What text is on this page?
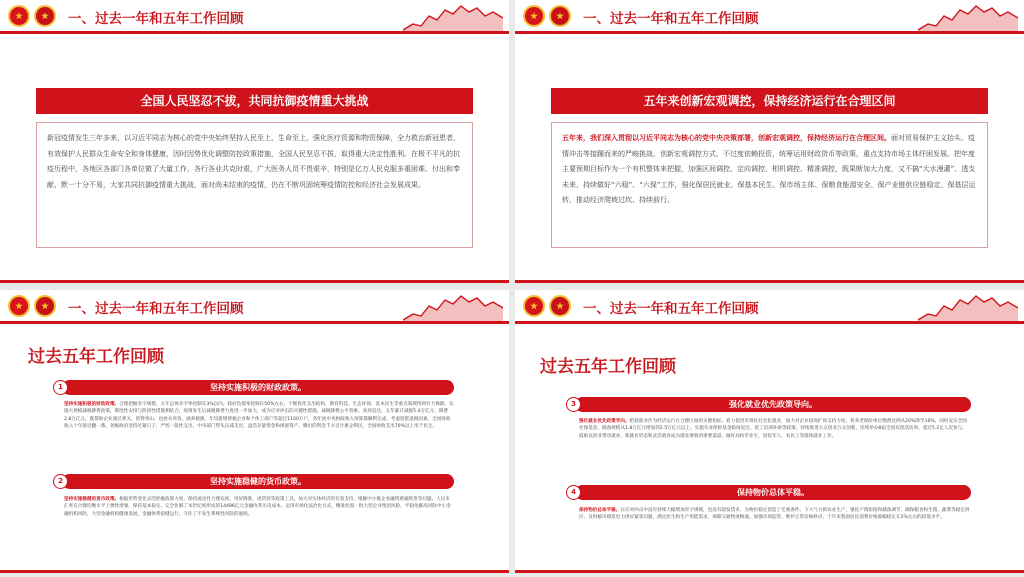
一、过去一年和五年工作回顾
全国人民坚忍不拔，共同抗御疫情重大挑战
新冠疫情发生三年多来，以习近平同志为核心的党中央始终坚持人民至上、生命至上，强化医疗资源和物资保障，全力救治新冠患者，有效保护人民群众生命安全和身体健康，因时因势优化调整防控政策措施，全国人民坚忍不拔，取得重大决定性胜利。在极不平凡的抗疫历程中，各地区各部门各单位做了大量工作，各行各业共克时艰，广大医务人员不畏艰辛，特别是亿万人民克服多重困难、付出和奉献、默一十分不易，大家共同抗御疫情重大挑战，面对尚未结束的疫情，仍在不断巩固统筹疫情防控和经济社会发展成果。
一、过去一年和五年工作回顾
五年来创新宏观调控，保持经济运行在合理区间
五年来，我们深入贯彻以习近平同志为核心的党中央决策部署，创新宏观调控，保持经济运行在合理区间。面对贸易保护主义抬头、疫情冲击等接踵而来的严峻挑战，创新宏观调控方式，不过度依赖投资，统筹运用财政货币等政策，重点支持市场主体纾困发展。把年度主要预期目标作为一个有机整体来把握，加强区间调控、定向调控、相机调控、精准调控，既果断加大力度，又不搞“大水漫灌”、透支未来，持续做好“六稳”、“六保”工作，强化保居民就业、保基本民生、保市场主体、保粮食能源安全、保产业链供应链稳定、保基层运转，推动经济爬坡过坎、持续前行。
一、过去一年和五年工作回顾
过去五年工作回顾
坚持实施积极的财政政策。
1
坚持实施积极的财政政策。合理把握赤字规模，五年总体赤字率控制在3%以内，政府负债率控制在50%左右。不断优化支出结构，教育科技、生态环保、基本民生等重点领域得到有力保障。实施大规模减税降费政策，制度性安排与阶段性措施相结合，疫情发生后减税降费力度进一步加大，成为应对冲击的关键性措施。减税降费公平普惠、高效直达，五年累计减税5.4万亿元、降费2.8万亿元，既帮助企业渡过难关、留得青山，也放水养鱼、涵养税源，年均新增涉税企业和个体工商户等超过1100万户，各年度中央财政收入预算都顺利完成，考虑留抵退税因素，全国财政收入十年接近翻一番。各级政府坚持过紧日子，严控一般性支出，中央部门带头压减支出，盘活存量资金和闲置资产，腾出的资金千方百计惠企利民，全国财政支出70%以上用于民生。
坚持实施稳健的货币政策。
2
坚持实施稳健的货币政策。根据形势变化灵活把握政策力度，保持流动性合理充裕，用好降准、再贷款等政策工具，加大对实体经济的有效支持，缓解中小微企业融资难融资贵等问题。人民币汇率在合理均衡水平上弹性增强、保持基本稳定。完全化解了本世纪初形成的14486亿元金融改革历史成本。运用市场化法治化方式，精准处置一批大型企业集团风险，平稳化解高风险中小金融机构风险，大型金融机构健康发展，金融体系稳健运行，守住了不发生系统性风险的底线。
一、过去一年和五年工作回顾
过去五年工作回顾
强化就业优先政策导向。
3
强化就业优先政策导向。把稳就业作为经济运行在合理区间的关键指标。着力促进市场化社会化就业，加大对企业稳岗扩岗支持力度。将养老保险单位缴费比例从20%降至16%，同时充实全国社保基金，储备规模从1.8万亿元增加到2.5万亿元以上。实施失业保险基金稳岗返还、留工培训补助等政策。持续推进大众创业万众创新，连续举办8届全国双创活动周、超过5.2亿人次参与，鼓励以创业带动就业，新就业形态和灵活就业成为就业增收的重要渠道。做好高校毕业生、退役军人、农民工等群体就业工作。
保持物价总体平稳。
4
保持物价总体平稳。在应对冲击中没有持续大幅增加赤字规模，也没有超发货币，为物价稳定创造了宏观条件。下大气力抓农业生产，强化产销衔接和储备调节，确保粮食和生猪、蔬菜等稳定供应，及时解决煤炭电力供应紧张问题，满足民生和生产用能需求，保障交通物流畅通。加强市场监管，维护正常价格秩序。十年来我国居民消费价格涨幅稳定在2%左右的较低水平。
